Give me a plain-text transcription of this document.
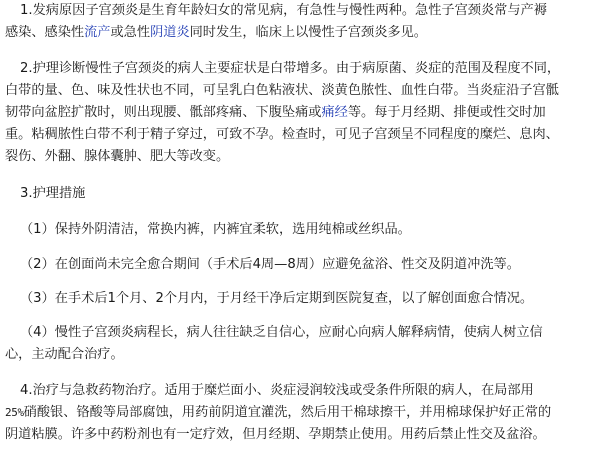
1.发病原因子宫颈炎是生育年龄妇女的常见病，有急性与慢性两种。急性子宫颈炎常与产褥
感染、感染性流产或急性阴道炎同时发生，临床上以慢性子宫颈炎多见。
2.护理诊断慢性子宫颈炎的病人主要症状是白带增多。由于病原菌、炎症的范围及程度不同，
白带的量、色、味及性状也不同，可呈乳白色粘液状、淡黄色脓性、血性白带。当炎症沿子宫骶
韧带向盆腔扩散时，则出现腰、骶部疼痛、下腹坠痛或痛经等。每于月经期、排便或性交时加
重。粘稠脓性白带不利于精子穿过，可致不孕。检查时，可见子宫颈呈不同程度的糜烂、息肉、
裂伤、外翻、腺体囊肿、肥大等改变。
3.护理措施
（1）保持外阴清洁，常换内裤，内裤宜柔软，选用纯棉或丝织品。
（2）在创面尚未完全愈合期间（手术后4周—8周）应避免盆浴、性交及阴道冲洗等。
（3）在手术后1个月、2个月内，于月经干净后定期到医院复查，以了解创面愈合情况。
（4）慢性子宫颈炎病程长，病人往往缺乏自信心，应耐心向病人解释病情，使病人树立信
心，主动配合治疗。
4.治疗与急救药物治疗。适用于糜烂面小、炎症浸润较浅或受条件所限的病人，在局部用
25%硝酸银、铬酸等局部腐蚀，用药前阴道宜灌洗，然后用干棉球擦干，并用棉球保护好正常的
阴道粘膜。许多中药粉剂也有一定疗效，但月经期、孕期禁止使用。用药后禁止性交及盆浴。
